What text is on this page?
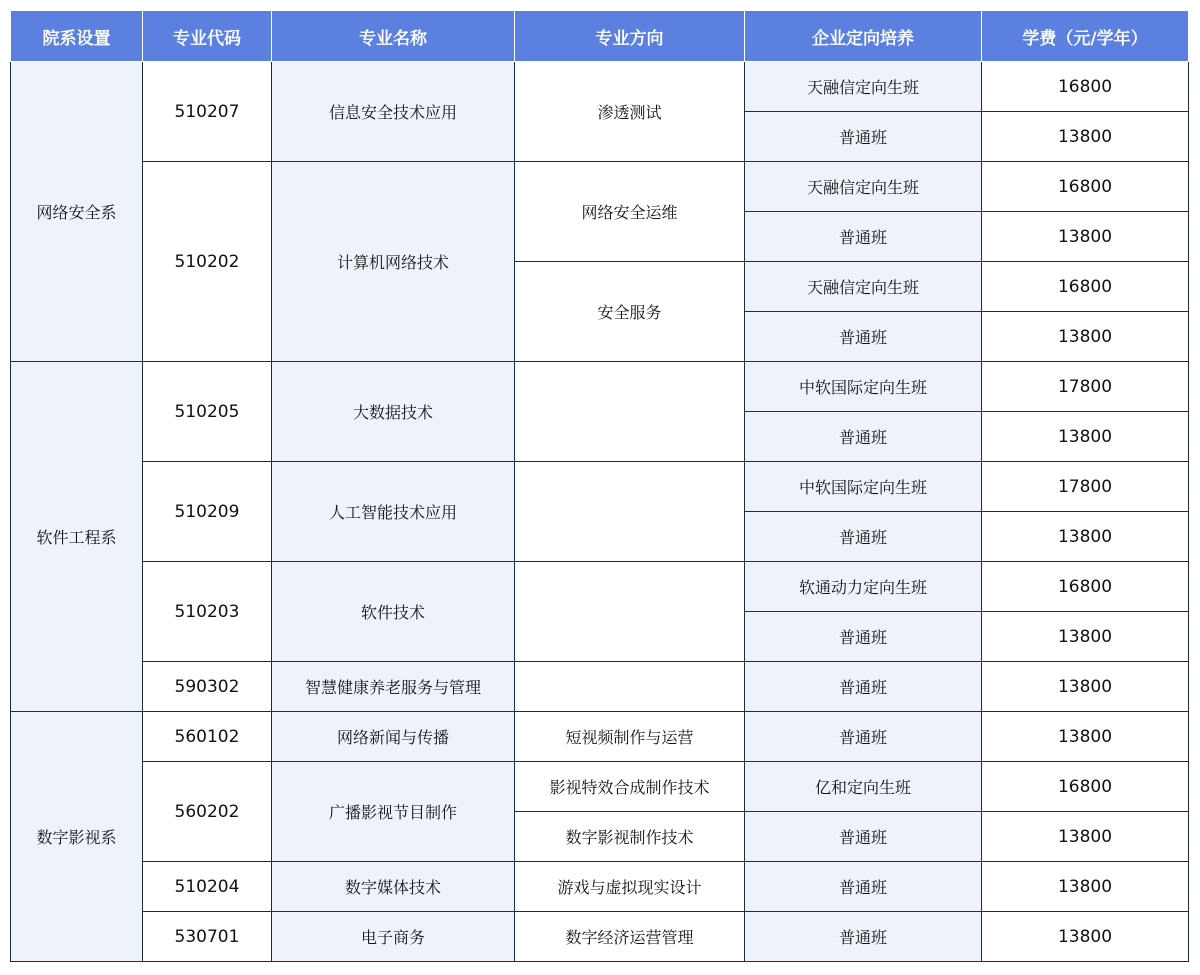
院系设置	专业代码	专业名称	专业方向	企业定向培养	学费（元/学年）
网络安全系	510207	信息安全技术应用	渗透测试	天融信定向生班	16800
				普通班	13800
	510202	计算机网络技术	网络安全运维	天融信定向生班	16800
				普通班	13800
			安全服务	天融信定向生班	16800
				普通班	13800
软件工程系	510205	大数据技术		中软国际定向生班	17800
				普通班	13800
	510209	人工智能技术应用		中软国际定向生班	17800
				普通班	13800
	510203	软件技术		软通动力定向生班	16800
				普通班	13800
	590302	智慧健康养老服务与管理		普通班	13800
数字影视系	560102	网络新闻与传播	短视频制作与运营	普通班	13800
	560202	广播影视节目制作	影视特效合成制作技术	亿和定向生班	16800
			数字影视制作技术	普通班	13800
	510204	数字媒体技术	游戏与虚拟现实设计	普通班	13800
	530701	电子商务	数字经济运营管理	普通班	13800
